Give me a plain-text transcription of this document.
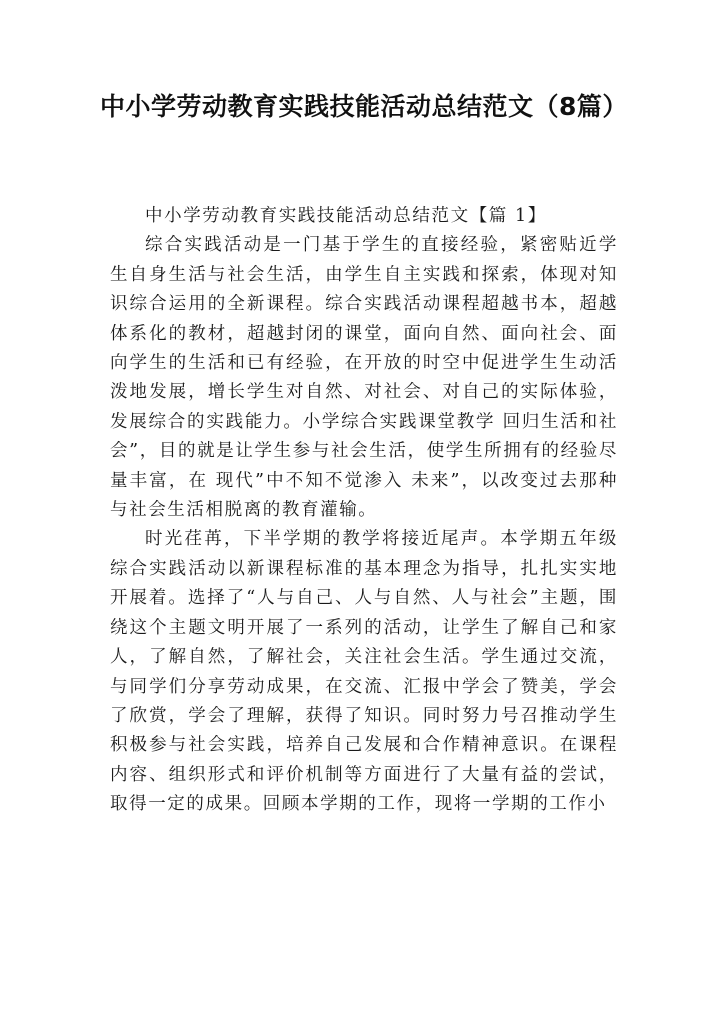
中小学劳动教育实践技能活动总结范文（8篇）

中小学劳动教育实践技能活动总结范文【篇 1】

综合实践活动是一门基于学生的直接经验，紧密贴近学生自身生活与社会生活，由学生自主实践和探索，体现对知识综合运用的全新课程。综合实践活动课程超越书本，超越体系化的教材，超越封闭的课堂，面向自然、面向社会、面向学生的生活和已有经验，在开放的时空中促进学生生动活泼地发展，增长学生对自然、对社会、对自己的实际体验，发展综合的实践能力。小学综合实践课堂教学 回归生活和社会”，目的就是让学生参与社会生活，使学生所拥有的经验尽量丰富，在 现代”中不知不觉渗入 未来”，以改变过去那种与社会生活相脱离的教育灌输。

时光荏苒，下半学期的教学将接近尾声。本学期五年级综合实践活动以新课程标准的基本理念为指导，扎扎实实地开展着。选择了“人与自己、人与自然、人与社会”主题，围绕这个主题文明开展了一系列的活动，让学生了解自己和家人，了解自然，了解社会，关注社会生活。学生通过交流，与同学们分享劳动成果，在交流、汇报中学会了赞美，学会了欣赏，学会了理解，获得了知识。同时努力号召推动学生积极参与社会实践，培养自己发展和合作精神意识。在课程内容、组织形式和评价机制等方面进行了大量有益的尝试，取得一定的成果。回顾本学期的工作，现将一学期的工作小
